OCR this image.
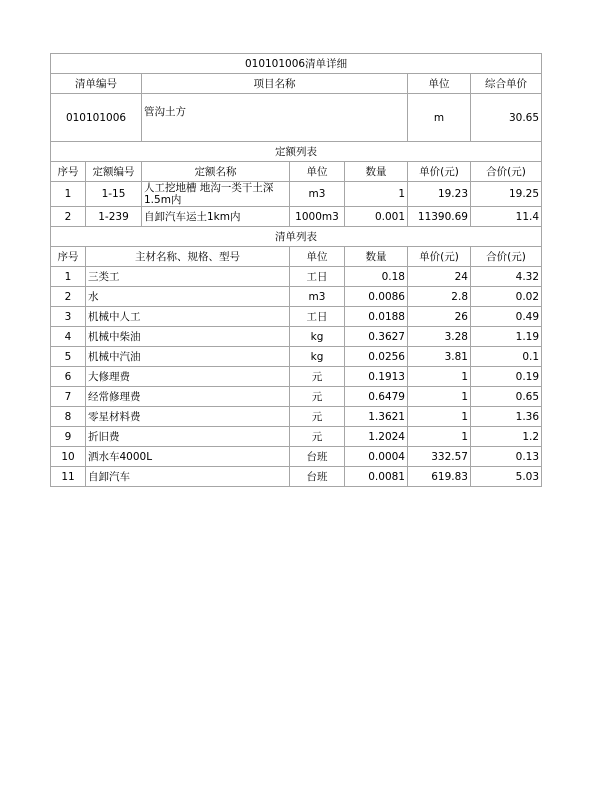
010101006清单详细						
清单编号		项目名称			单位	综合单价
010101006		管沟土方			m	30.65
定额列表						
序号	定额编号	定额名称	单位	数量	单价(元)	合价(元)
1	1-15	人工挖地槽 地沟一类干土深1.5m内	m3	1	19.23	19.25
2	1-239	自卸汽车运土1km内	1000m3	0.001	11390.69	11.4
清单列表						
序号	主材名称、规格、型号		单位	数量	单价(元)	合价(元)
1	三类工		工日	0.18	24	4.32
2	水		m3	0.0086	2.8	0.02
3	机械中人工		工日	0.0188	26	0.49
4	机械中柴油		kg	0.3627	3.28	1.19
5	机械中汽油		kg	0.0256	3.81	0.1
6	大修理费		元	0.1913	1	0.19
7	经常修理费		元	0.6479	1	0.65
8	零星材料费		元	1.3621	1	1.36
9	折旧费		元	1.2024	1	1.2
10	洒水车4000L		台班	0.0004	332.57	0.13
11	自卸汽车		台班	0.0081	619.83	5.03
